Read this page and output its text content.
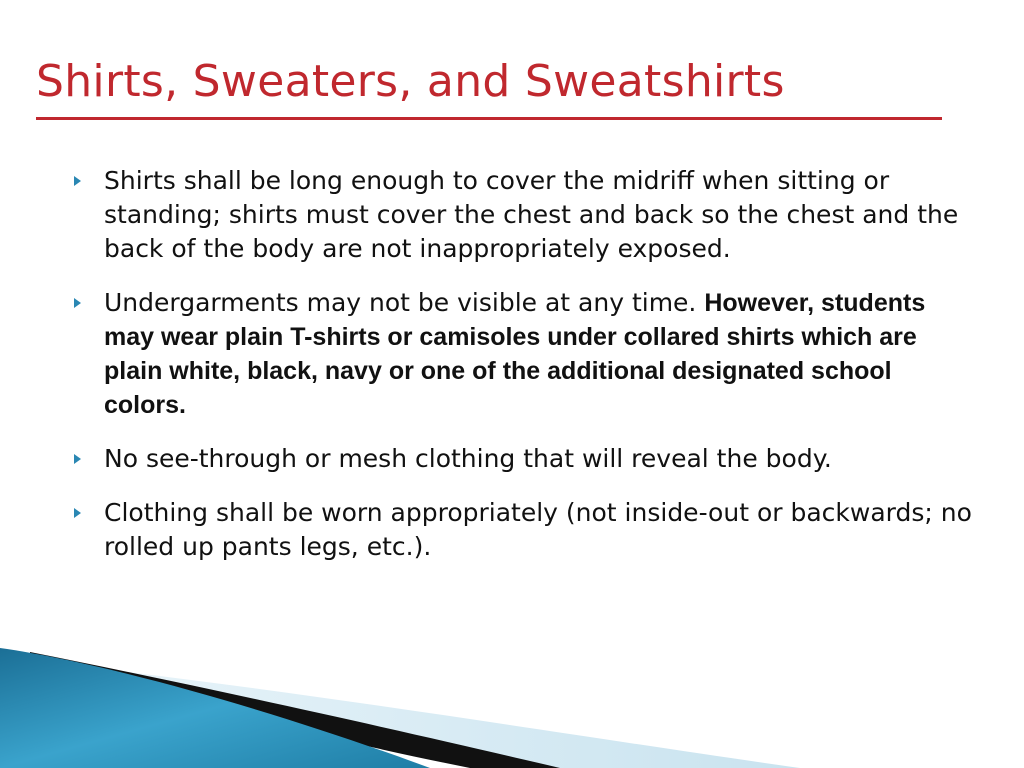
Shirts, Sweaters, and Sweatshirts
Shirts shall be long enough to cover the midriff when sitting or standing; shirts must cover the chest and back so the chest and the back of the body are not inappropriately exposed.
Undergarments may not be visible at any time. However, students may wear plain T-shirts or camisoles under collared shirts which are plain white, black, navy or one of the additional designated school colors.
No see-through or mesh clothing that will reveal the body.
Clothing shall be worn appropriately (not inside-out or backwards; no rolled up pants legs, etc.).
